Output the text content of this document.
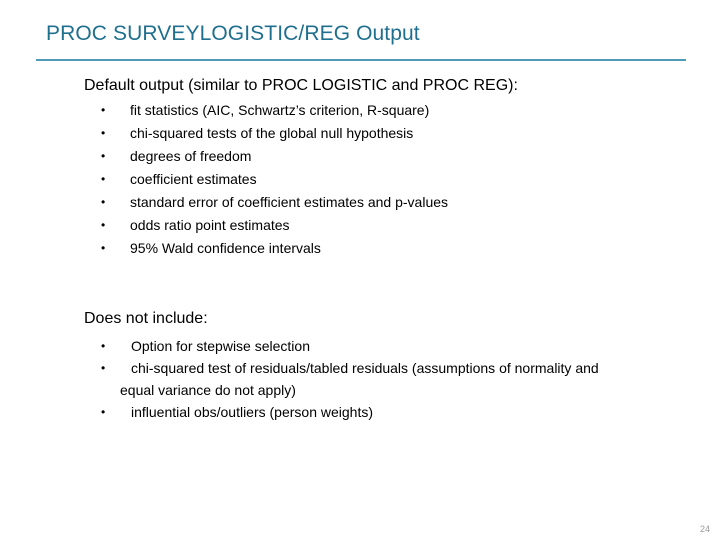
PROC SURVEYLOGISTIC/REG Output
Default output (similar to PROC LOGISTIC and PROC REG):
• fit statistics (AIC, Schwartz’s criterion, R-square)
• chi-squared tests of the global null hypothesis
• degrees of freedom
• coefficient estimates
• standard error of coefficient estimates and p-values
• odds ratio point estimates
• 95% Wald confidence intervals
Does not include:
• Option for stepwise selection
• chi-squared test of residuals/tabled residuals (assumptions of normality and
equal variance do not apply)
• influential obs/outliers (person weights)
24
